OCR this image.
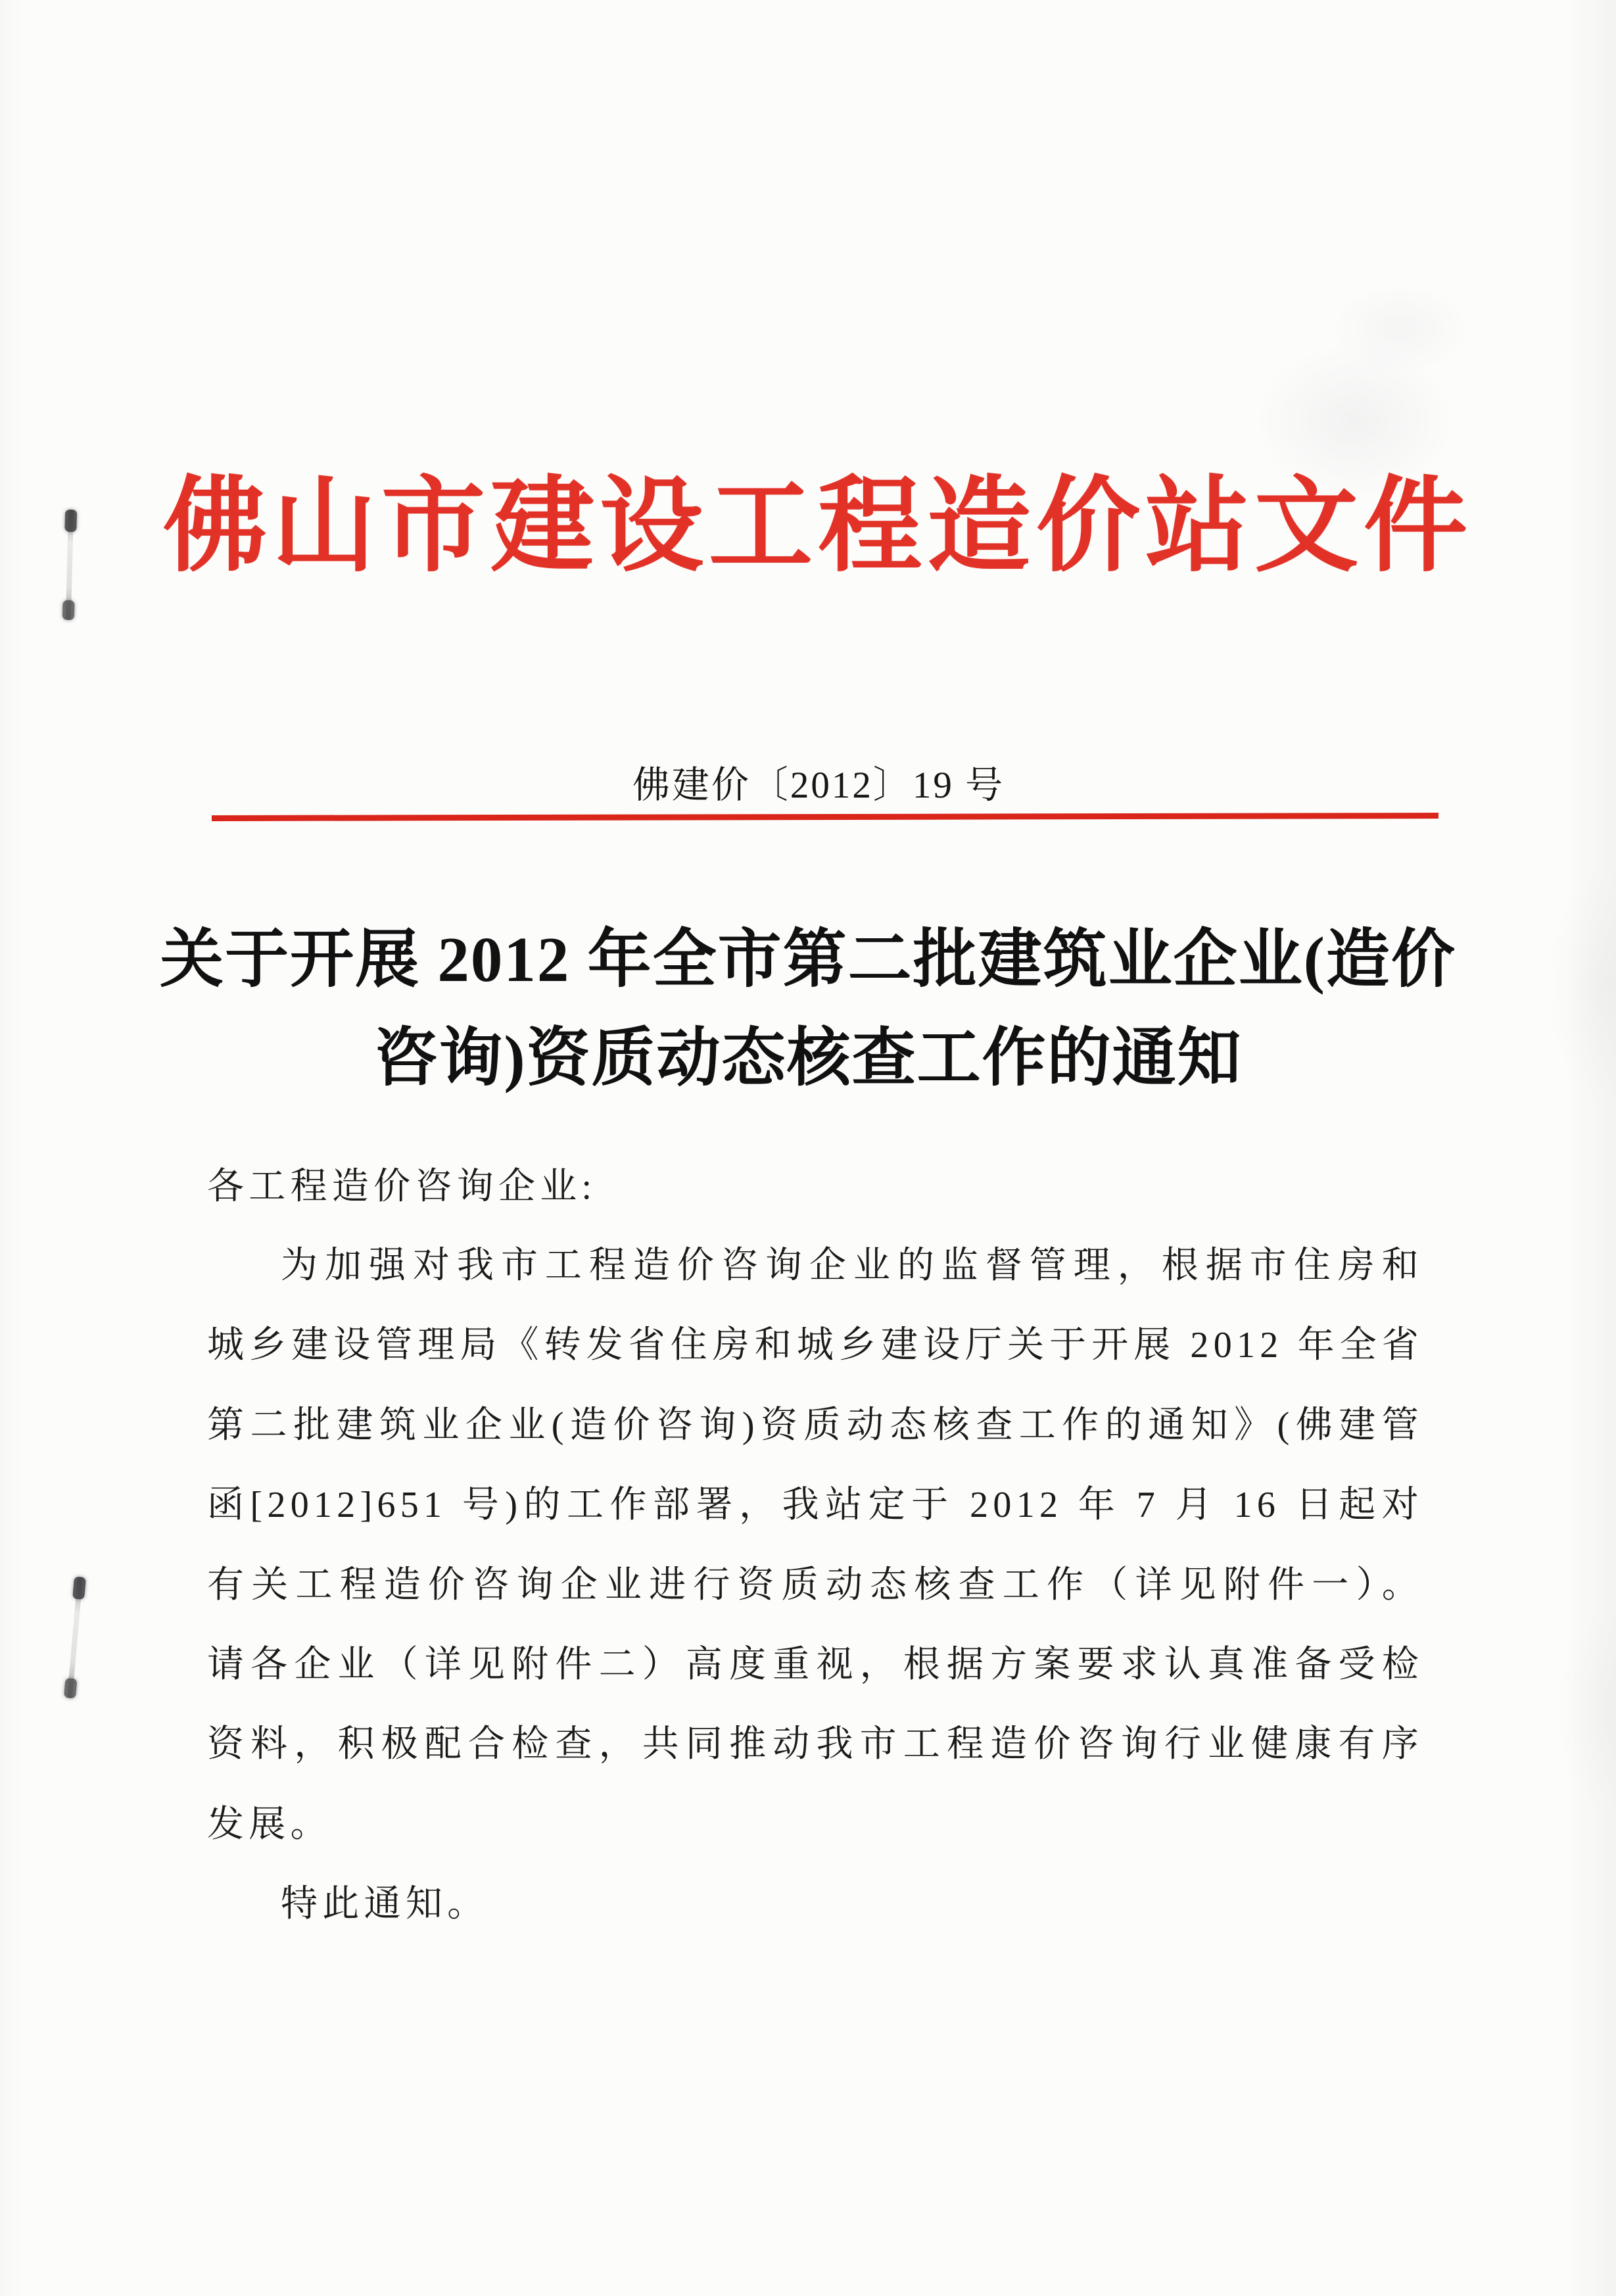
佛山市建设工程造价站文件
佛建价〔2012〕19 号
关于开展 2012 年全市第二批建筑业企业(造价
咨询)资质动态核查工作的通知
各工程造价咨询企业:
为加强对我市工程造价咨询企业的监督管理，根据市住房和
城乡建设管理局《转发省住房和城乡建设厅关于开展 2012 年全省
第二批建筑业企业(造价咨询)资质动态核查工作的通知》(佛建管
函[2012]651 号)的工作部署，我站定于 2012 年 7 月 16 日起对
有关工程造价咨询企业进行资质动态核查工作（详见附件一）。
请各企业（详见附件二）高度重视，根据方案要求认真准备受检
资料，积极配合检查，共同推动我市工程造价咨询行业健康有序
发展。
特此通知。
